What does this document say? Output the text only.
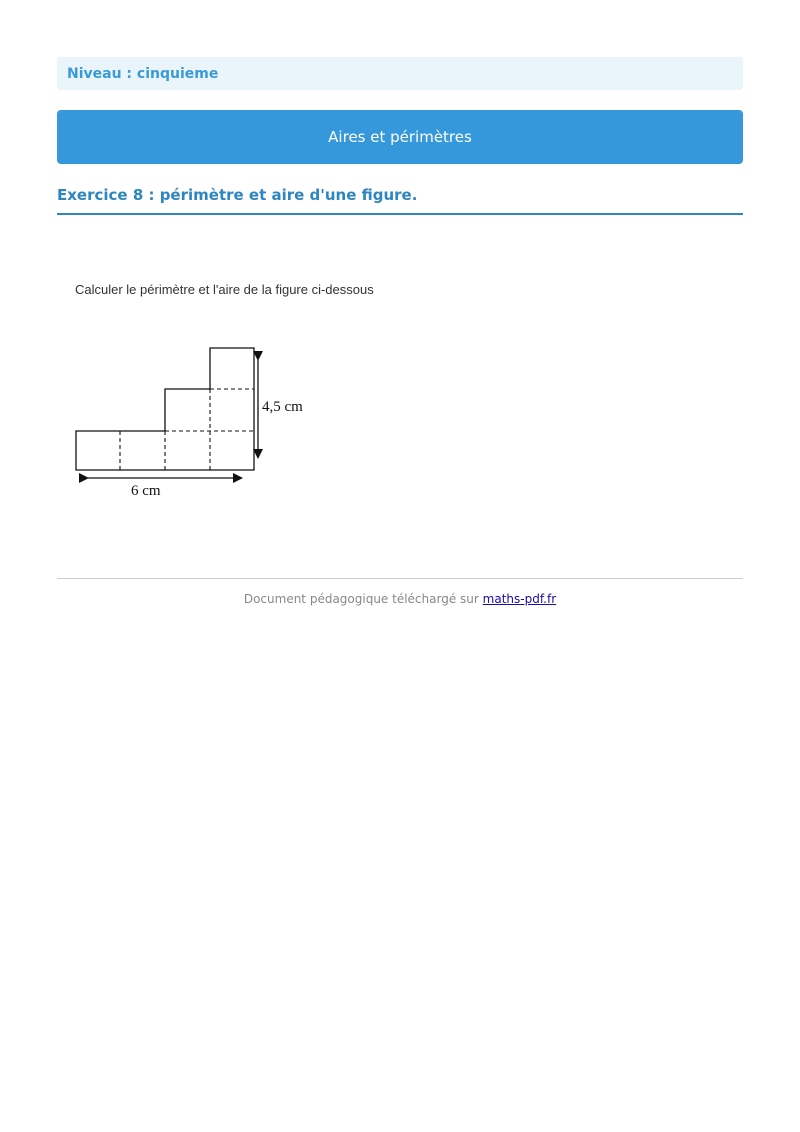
Niveau : cinquieme
Aires et périmètres
Exercice 8 : périmètre et aire d'une figure.
Calculer le périmètre et l'aire de la figure ci-dessous
4,5 cm
6 cm
Document pédagogique téléchargé sur maths-pdf.fr
